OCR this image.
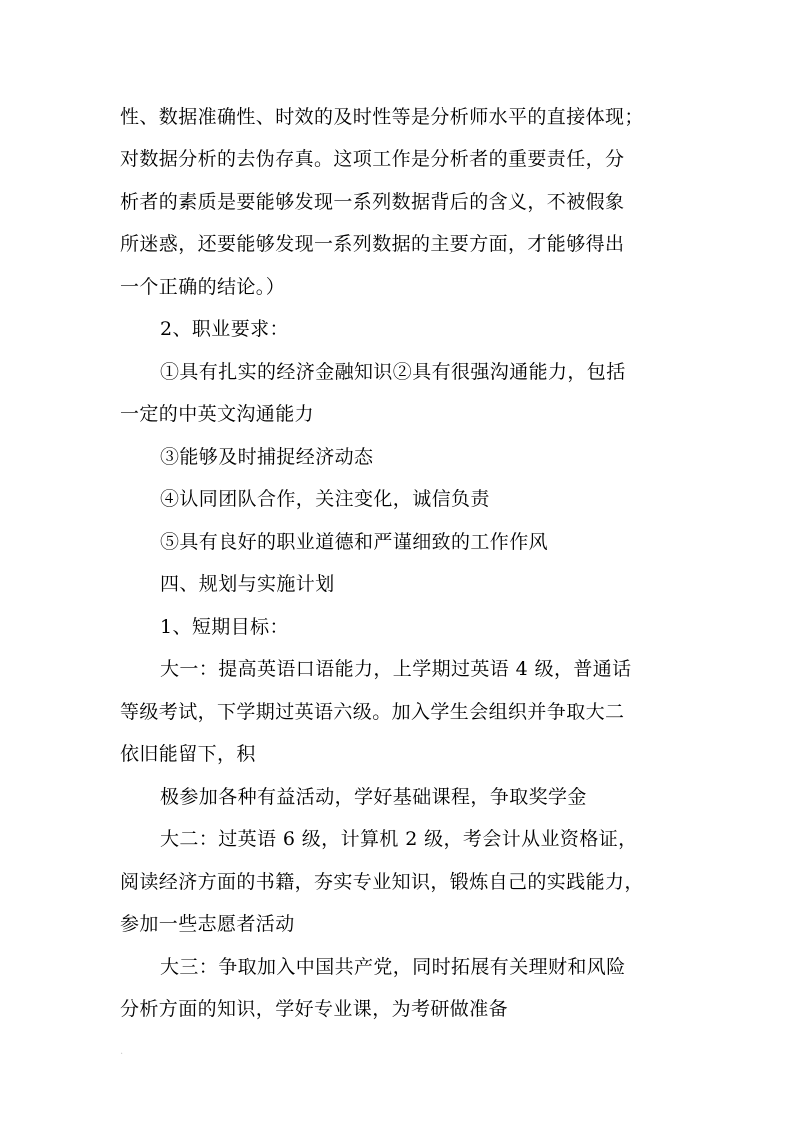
性、数据准确性、时效的及时性等是分析师水平的直接体现；

对数据分析的去伪存真。这项工作是分析者的重要责任，分

析者的素质是要能够发现一系列数据背后的含义，不被假象

所迷惑，还要能够发现一系列数据的主要方面，才能够得出

一个正确的结论。）

2、职业要求：

①具有扎实的经济金融知识②具有很强沟通能力，包括

一定的中英文沟通能力

③能够及时捕捉经济动态

④认同团队合作，关注变化，诚信负责

⑤具有良好的职业道德和严谨细致的工作作风

四、规划与实施计划

1、短期目标：

大一：提高英语口语能力，上学期过英语 4 级，普通话

等级考试，下学期过英语六级。加入学生会组织并争取大二

依旧能留下，积

极参加各种有益活动，学好基础课程，争取奖学金

大二：过英语 6 级，计算机 2 级，考会计从业资格证，

阅读经济方面的书籍，夯实专业知识，锻炼自己的实践能力，

参加一些志愿者活动

大三：争取加入中国共产党，同时拓展有关理财和风险

分析方面的知识，学好专业课，为考研做准备

.
